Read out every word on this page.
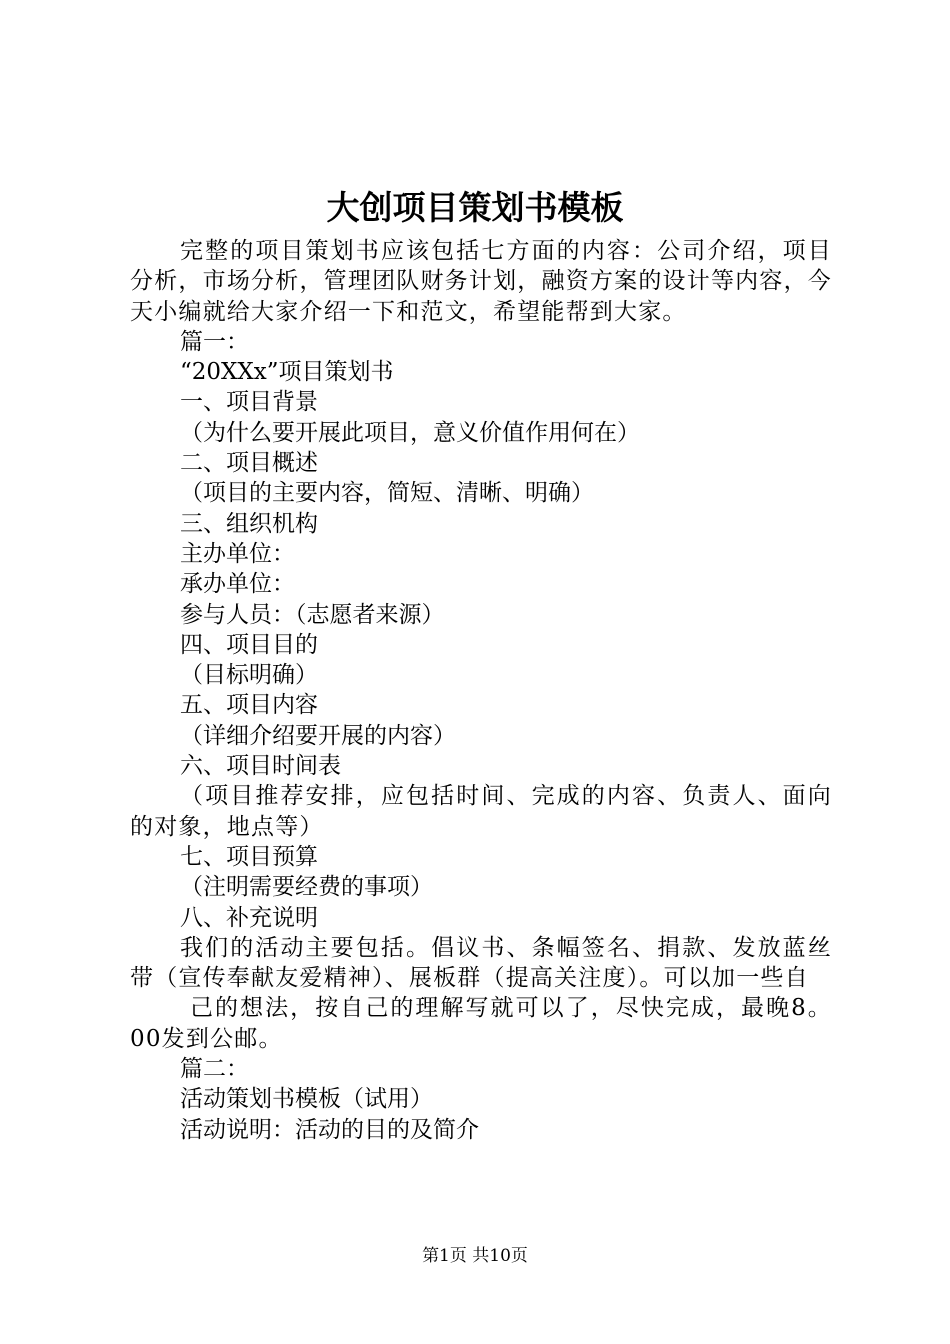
大创项目策划书模板

完整的项目策划书应该包括七方面的内容：公司介绍，项目分析，市场分析，管理团队财务计划，融资方案的设计等内容，今天小编就给大家介绍一下和范文，希望能帮到大家。

篇一：

“20XXx”项目策划书

一、项目背景

（为什么要开展此项目，意义价值作用何在）

二、项目概述

（项目的主要内容，简短、清晰、明确）

三、组织机构

主办单位：

承办单位：

参与人员：（志愿者来源）

四、项目目的

（目标明确）

五、项目内容

（详细介绍要开展的内容）

六、项目时间表

（项目推荐安排，应包括时间、完成的内容、负责人、面向的对象，地点等）

七、项目预算

（注明需要经费的事项）

八、补充说明

我们的活动主要包括。倡议书、条幅签名、捐款、发放蓝丝带（宣传奉献友爱精神）、展板群（提高关注度）。可以加一些自

己的想法，按自己的理解写就可以了，尽快完成，最晚8。00发到公邮。

篇二：

活动策划书模板（试用）

活动说明：活动的目的及简介

第1页 共10页
